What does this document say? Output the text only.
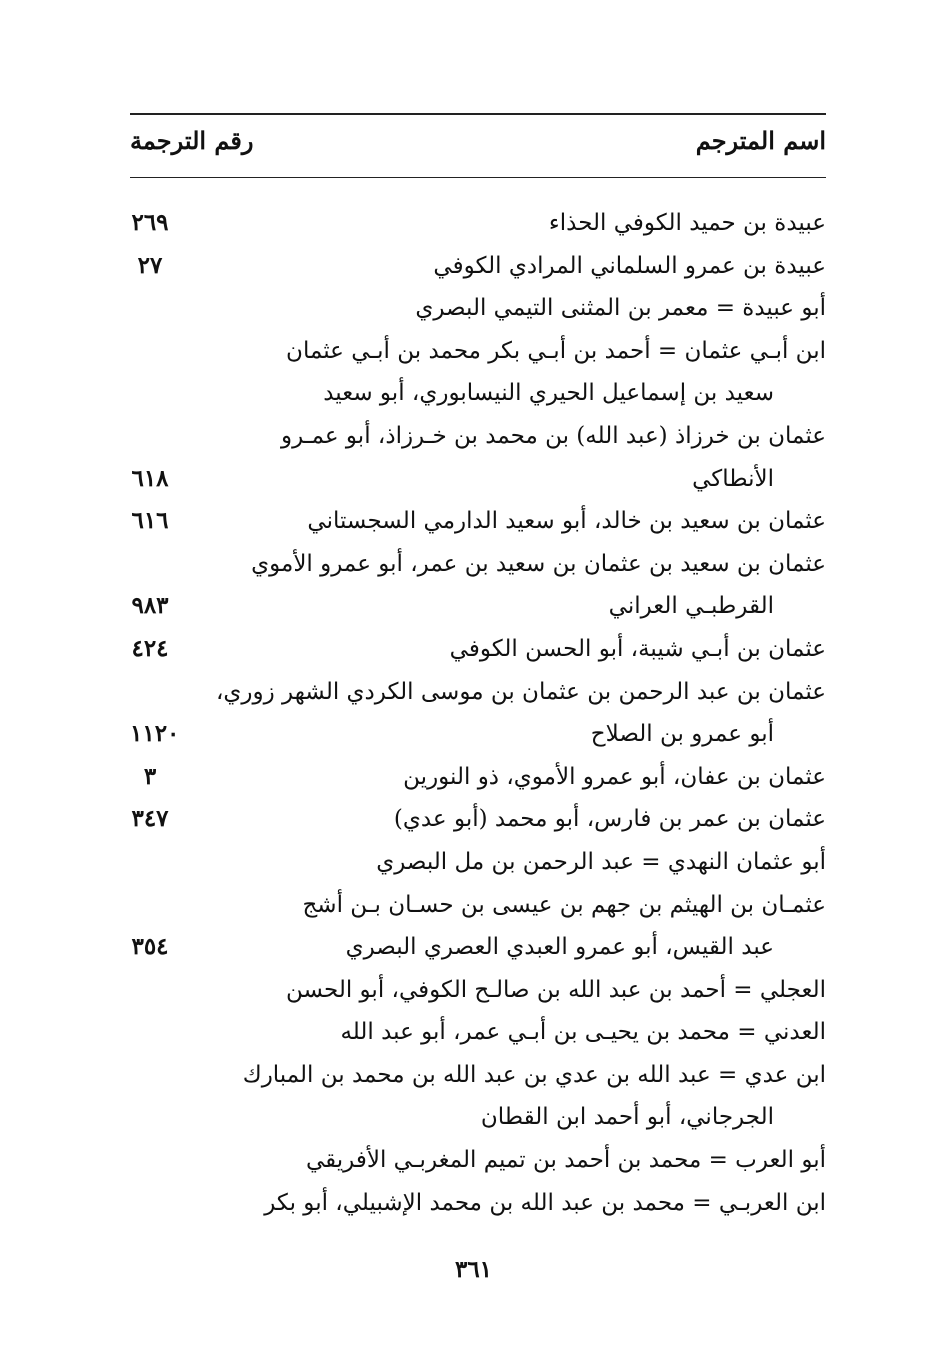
اسم المترجم
رقم الترجمة
عبيدة بن حميد الكوفي الحذاء
٢٦٩
عبيدة بن عمرو السلماني المرادي الكوفي
٢٧
أبو عبيدة = معمر بن المثنى التيمي البصري
ابن أبـي عثمان = أحمد بن أبـي بكر محمد بن أبـي عثمان
سعيد بن إسماعيل الحيري النيسابوري، أبو سعيد
عثمان بن خرزاذ (عبد الله) بن محمد بن خـرزاذ، أبو عمـرو
الأنطاكي
٦١٨
عثمان بن سعيد بن خالد، أبو سعيد الدارمي السجستاني
٦١٦
عثمان بن سعيد بن عثمان بن سعيد بن عمر، أبو عمرو الأموي
القرطبـي العراني
٩٨٣
عثمان بن أبـي شيبة، أبو الحسن الكوفي
٤٢٤
عثمان بن عبد الرحمن بن عثمان بن موسى الكردي الشهر زوري،
أبو عمرو بن الصلاح
١١٢٠
عثمان بن عفان، أبو عمرو الأموي، ذو النورين
٣
عثمان بن عمر بن فارس، أبو محمد (أبو عدي)
٣٤٧
أبو عثمان النهدي = عبد الرحمن بن مل البصري
عثمـان بن الهيثم بن جهم بن عيسى بن حسـان بـن أشج
عبد القيس، أبو عمرو العبدي العصري البصري
٣٥٤
العجلي = أحمد بن عبد الله بن صالـح الكوفي، أبو الحسن
العدني = محمد بن يحيـى بن أبـي عمر، أبو عبد الله
ابن عدي = عبد الله بن عدي بن عبد الله بن محمد بن المبارك
الجرجاني، أبو أحمد ابن القطان
أبو العرب = محمد بن أحمد بن تميم المغربـي الأفريقي
ابن العربـي = محمد بن عبد الله بن محمد الإشبيلي، أبو بكر
٣٦١
